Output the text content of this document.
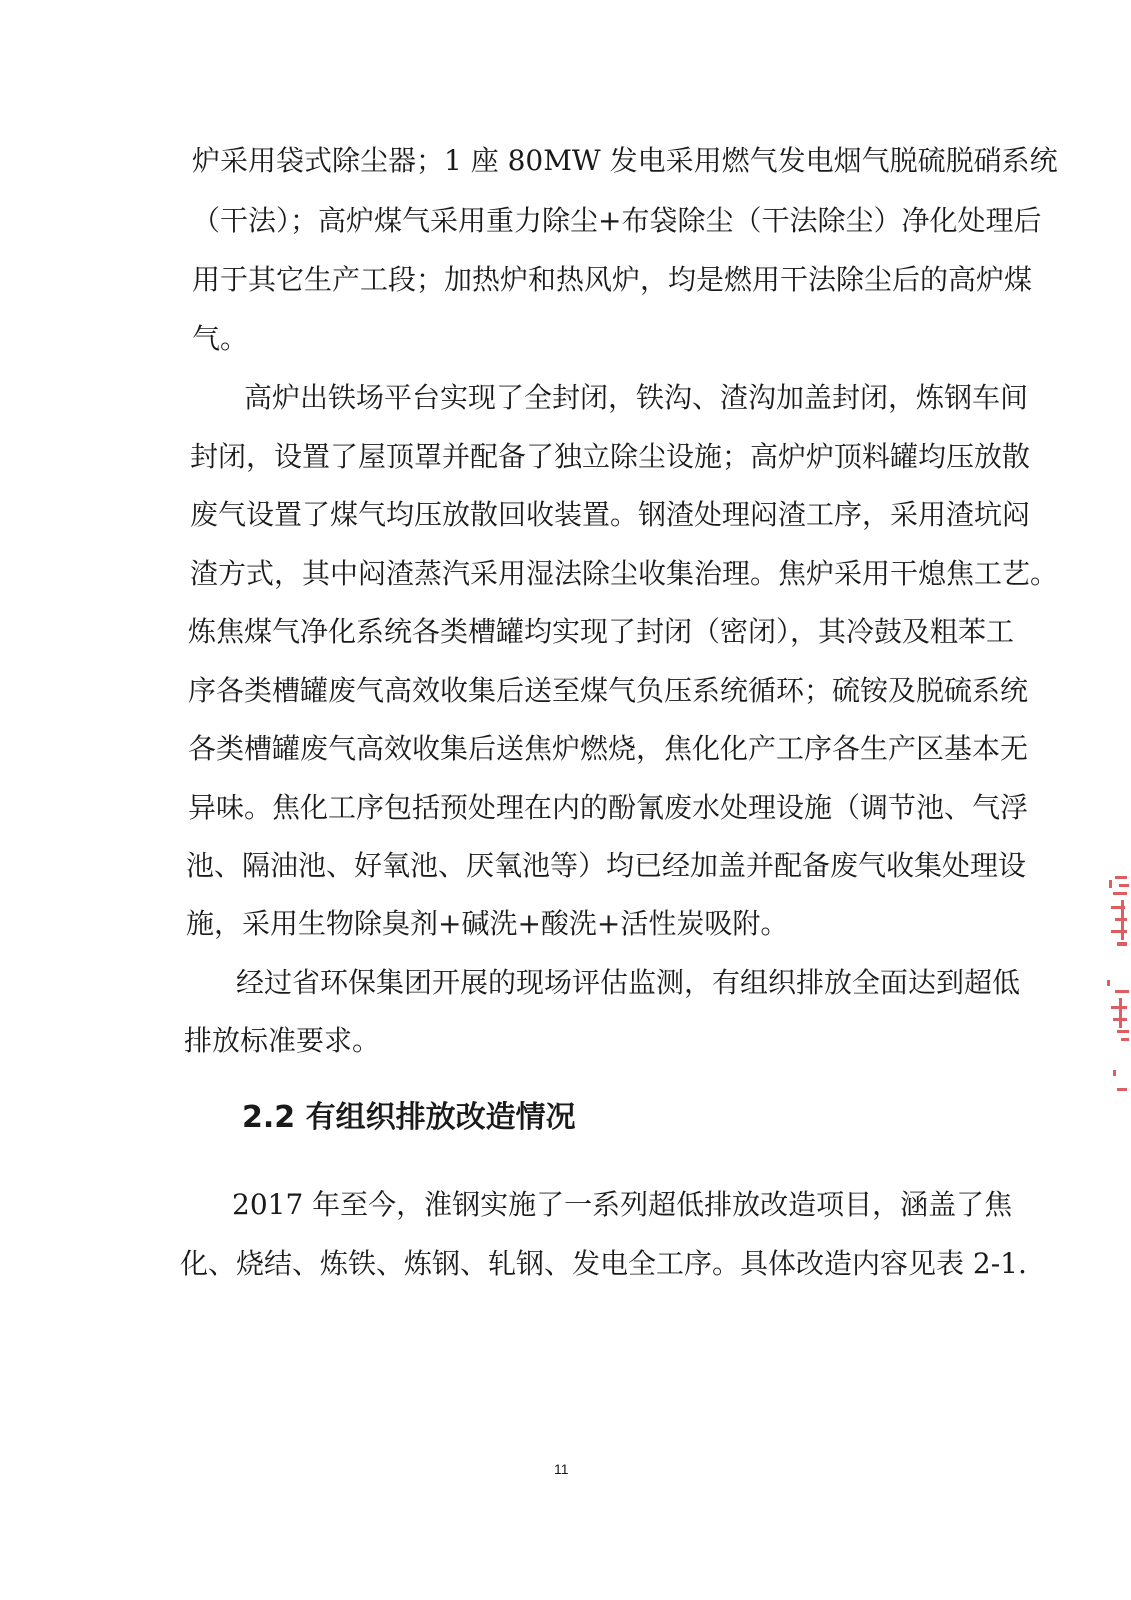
炉采用袋式除尘器；1 座 80MW 发电采用燃气发电烟气脱硫脱硝系统
（干法）；高炉煤气采用重力除尘+布袋除尘（干法除尘）净化处理后
用于其它生产工段；加热炉和热风炉，均是燃用干法除尘后的高炉煤
气。
高炉出铁场平台实现了全封闭，铁沟、渣沟加盖封闭，炼钢车间
封闭，设置了屋顶罩并配备了独立除尘设施；高炉炉顶料罐均压放散
废气设置了煤气均压放散回收装置。钢渣处理闷渣工序，采用渣坑闷
渣方式，其中闷渣蒸汽采用湿法除尘收集治理。焦炉采用干熄焦工艺。
炼焦煤气净化系统各类槽罐均实现了封闭（密闭），其冷鼓及粗苯工
序各类槽罐废气高效收集后送至煤气负压系统循环；硫铵及脱硫系统
各类槽罐废气高效收集后送焦炉燃烧，焦化化产工序各生产区基本无
异味。焦化工序包括预处理在内的酚氰废水处理设施（调节池、气浮
池、隔油池、好氧池、厌氧池等）均已经加盖并配备废气收集处理设
施，采用生物除臭剂+碱洗+酸洗+活性炭吸附。
经过省环保集团开展的现场评估监测，有组织排放全面达到超低
排放标准要求。
2.2 有组织排放改造情况
2017 年至今，淮钢实施了一系列超低排放改造项目，涵盖了焦
化、烧结、炼铁、炼钢、轧钢、发电全工序。具体改造内容见表 2-1.
11
